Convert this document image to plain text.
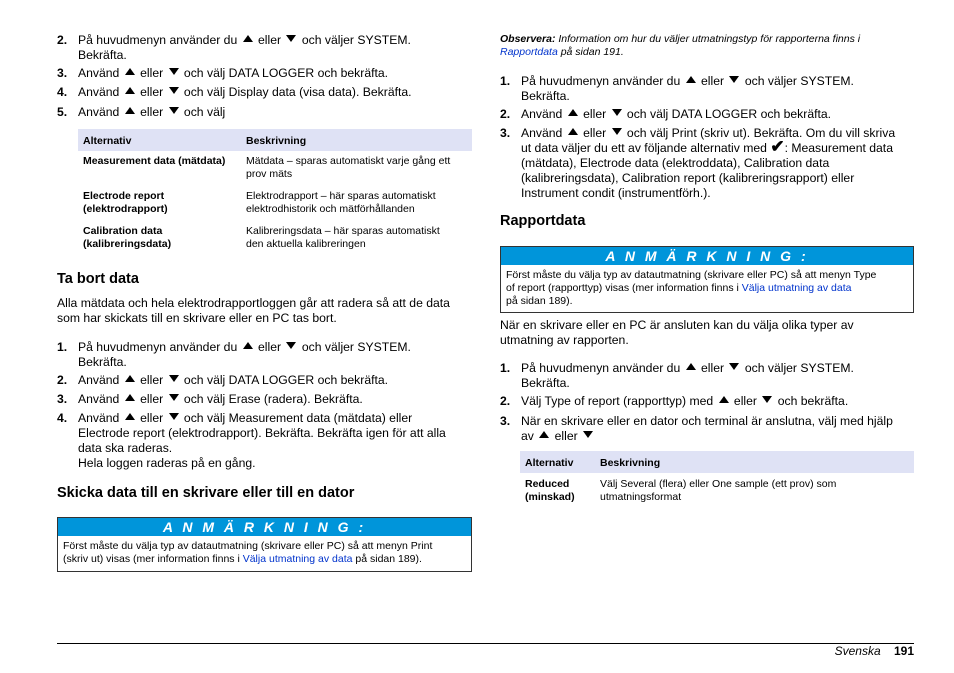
2. På huvudmenyn använder du  eller  och väljer SYSTEM.
Bekräfta.
3. Använd  eller  och välj DATA LOGGER och bekräfta.
4. Använd  eller  och välj Display data (visa data). Bekräfta.
5. Använd  eller  och välj
Alternativ	Beskrivning
Measurement data (mätdata) Mätdata – sparas automatiskt varje gång ett
prov mäts
Electrode report
(elektrodrapport)
Elektrodrapport – här sparas automatiskt
elektrodhistorik och mätförhållanden
Calibration data
(kalibreringsdata)
Kalibreringsdata – här sparas automatiskt
den aktuella kalibreringen
Ta bort data
Alla mätdata och hela elektrodrapportloggen går att radera så att de data
som har skickats till en skrivare eller en PC tas bort.
1. På huvudmenyn använder du  eller  och väljer SYSTEM.
Bekräfta.
2. Använd  eller  och välj DATA LOGGER och bekräfta.
3. Använd  eller  och välj Erase (radera). Bekräfta.
4. Använd  eller  och välj Measurement data (mätdata) eller
Electrode report (elektrodrapport). Bekräfta. Bekräfta igen för att alla
data ska raderas.
Hela loggen raderas på en gång.
Skicka data till en skrivare eller till en dator
A N M Ä R K N I N G :
Först måste du välja typ av datautmatning (skrivare eller PC) så att menyn Print
(skriv ut) visas (mer information finns i Välja utmatning av data på sidan 189).
Observera: Information om hur du väljer utmatningstyp för rapporterna finns i
Rapportdata på sidan 191.
1. På huvudmenyn använder du  eller  och väljer SYSTEM.
Bekräfta.
2. Använd  eller  och välj DATA LOGGER och bekräfta.
3. Använd  eller  och välj Print (skriv ut). Bekräfta. Om du vill skriva
ut data väljer du ett av följande alternativ med ✔: Measurement data
(mätdata), Electrode data (elektroddata), Calibration data
(kalibreringsdata), Calibration report (kalibreringsrapport) eller
Instrument condit (instrumentförh.).
Rapportdata
A N M Ä R K N I N G :
Först måste du välja typ av datautmatning (skrivare eller PC) så att menyn Type
of report (rapporttyp) visas (mer information finns i Välja utmatning av data
på sidan 189).
När en skrivare eller en PC är ansluten kan du välja olika typer av
utmatning av rapporten.
1. På huvudmenyn använder du  eller  och väljer SYSTEM.
Bekräfta.
2. Välj Type of report (rapporttyp) med  eller  och bekräfta.
3. När en skrivare eller en dator och terminal är anslutna, välj med hjälp
av  eller
Alternativ	Beskrivning
Reduced
(minskad)
Välj Several (flera) eller One sample (ett prov) som
utmatningsformat
Svenska 191
